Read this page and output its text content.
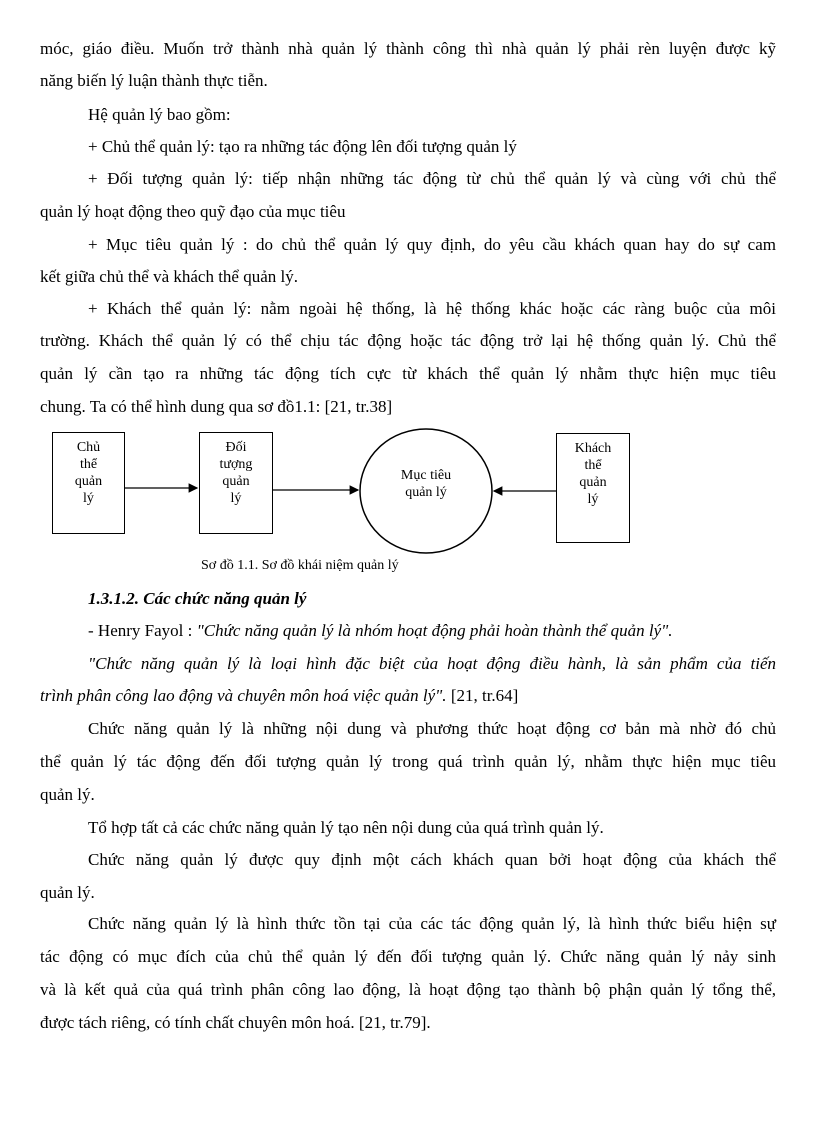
móc, giáo điều. Muốn trở thành nhà quản lý thành công thì nhà quản lý phải rèn luyện được kỹ
năng biến lý luận thành thực tiễn.
Hệ quản lý bao gồm:
+ Chủ thể quản lý: tạo ra những tác động lên đối tượng quản lý
+ Đối tượng quản lý: tiếp nhận những tác động từ chủ thể quản lý và cùng với chủ thể
quản lý hoạt động theo quỹ đạo của mục tiêu
+ Mục tiêu quản lý : do chủ thể quản lý quy định, do yêu cầu khách quan hay do sự cam
kết giữa chủ thể và khách thể quản lý.
+ Khách thể quản lý: nằm ngoài hệ thống, là hệ thống khác hoặc các ràng buộc của môi
trường. Khách thể quản lý có thể chịu tác động hoặc tác động trở lại hệ thống quản lý. Chủ thể
quản lý cần tạo ra những tác động tích cực từ khách thể quản lý nhằm thực hiện mục tiêu
chung. Ta có thể hình dung qua sơ đồ1.1: [21, tr.38]
Chủ
thể
quản
lý
Đối
tượng
quản
lý
Khách
thể
quản
lý
Mục tiêu
quản lý
Sơ đồ 1.1. Sơ đồ khái niệm quản lý
1.3.1.2. Các chức năng quản lý
- Henry Fayol : "Chức năng quản lý là nhóm hoạt động phải hoàn thành thể quản lý".
"Chức năng quản lý là loại hình đặc biệt của hoạt động điều hành, là sản phẩm của tiến
trình phân công lao động và chuyên môn hoá việc quản lý". [21, tr.64]
Chức năng quản lý là những nội dung và phương thức hoạt động cơ bản mà nhờ đó chủ
thể quản lý tác động đến đối tượng quản lý trong quá trình quản lý, nhằm thực hiện mục tiêu
quản lý.
Tổ hợp tất cả các chức năng quản lý tạo nên nội dung của quá trình quản lý.
Chức năng quản lý được quy định một cách khách quan bởi hoạt động của khách thể
quản lý.
Chức năng quản lý là hình thức tồn tại của các tác động quản lý, là hình thức biểu hiện sự
tác động có mục đích của chủ thể quản lý đến đối tượng quản lý. Chức năng quản lý nảy sinh
và là kết quả của quá trình phân công lao động, là hoạt động tạo thành bộ phận quản lý tổng thể,
được tách riêng, có tính chất chuyên môn hoá. [21, tr.79].
